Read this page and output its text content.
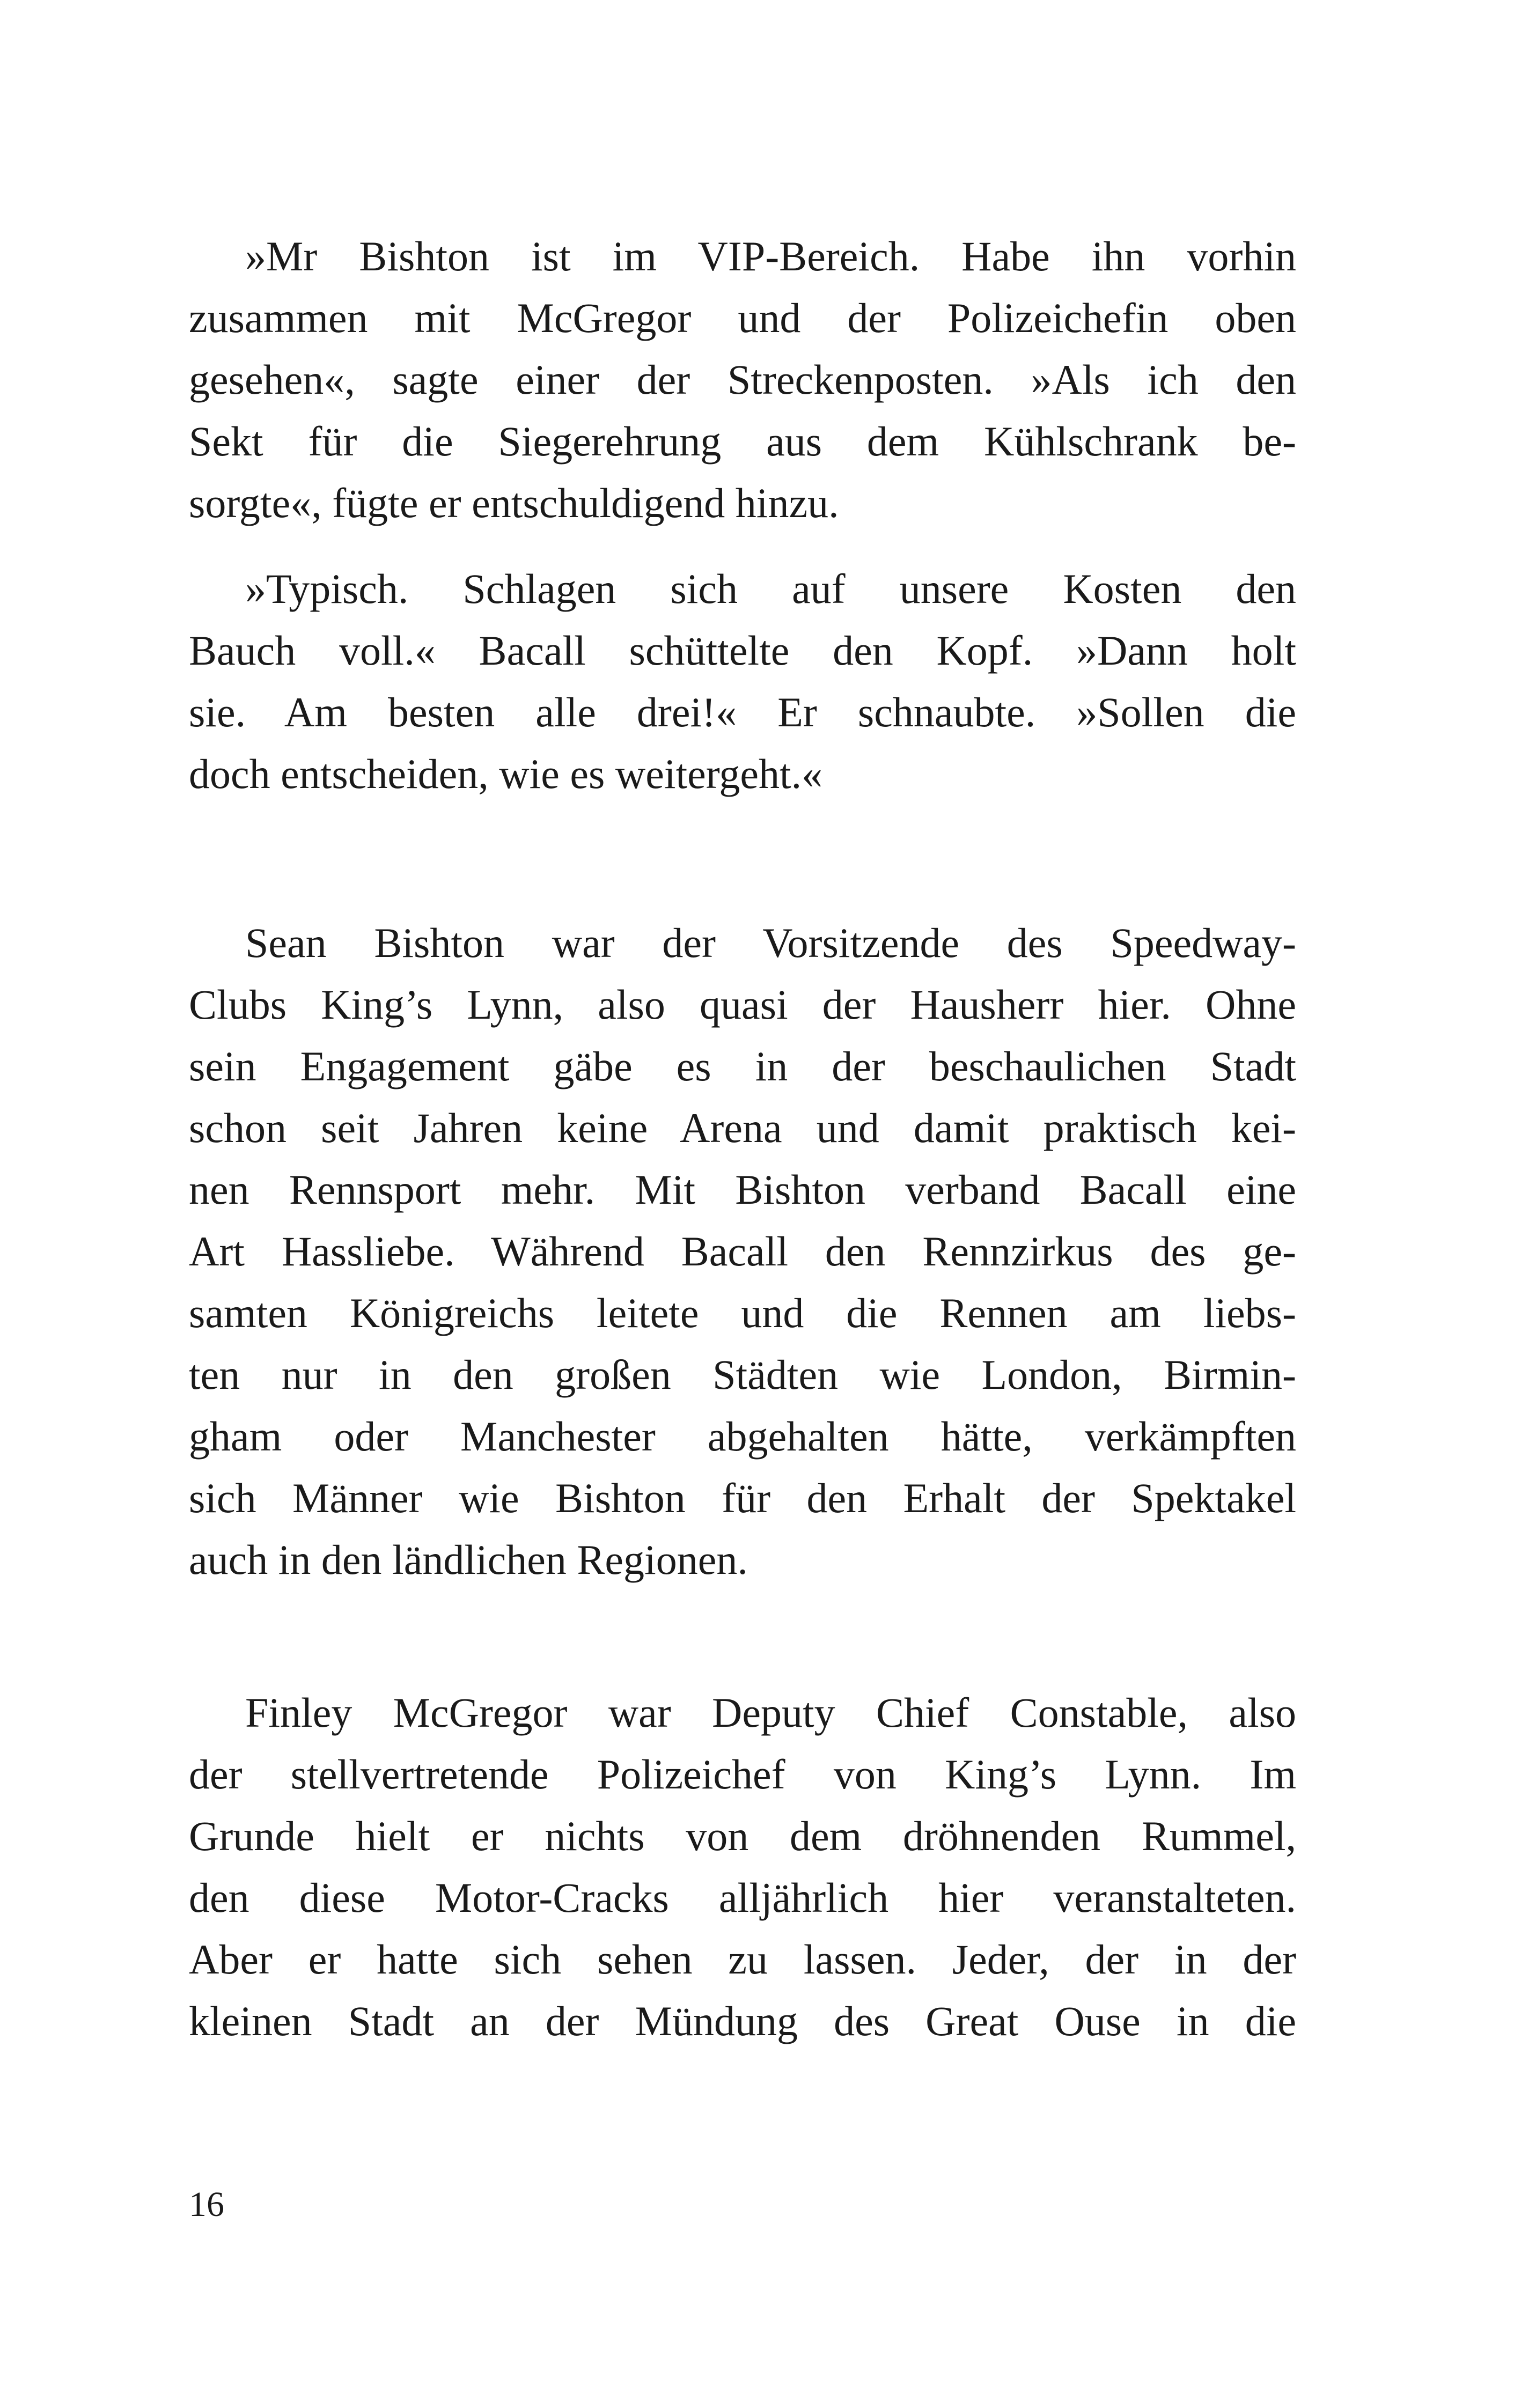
»Mr Bishton ist im VIP-Bereich. Habe ihn vorhin
zusammen mit McGregor und der Polizeichefin oben
gesehen«, sagte einer der Streckenposten. »Als ich den
Sekt für die Siegerehrung aus dem Kühlschrank be-
sorgte«, fügte er entschuldigend hinzu.
»Typisch. Schlagen sich auf unsere Kosten den
Bauch voll.« Bacall schüttelte den Kopf. »Dann holt
sie. Am besten alle drei!« Er schnaubte. »Sollen die
doch entscheiden, wie es weitergeht.«
Sean Bishton war der Vorsitzende des Speedway-
Clubs King’s Lynn, also quasi der Hausherr hier. Ohne
sein Engagement gäbe es in der beschaulichen Stadt
schon seit Jahren keine Arena und damit praktisch kei-
nen Rennsport mehr. Mit Bishton verband Bacall eine
Art Hassliebe. Während Bacall den Rennzirkus des ge-
samten Königreichs leitete und die Rennen am liebs-
ten nur in den großen Städten wie London, Birmin-
gham oder Manchester abgehalten hätte, verkämpften
sich Männer wie Bishton für den Erhalt der Spektakel
auch in den ländlichen Regionen.
Finley McGregor war Deputy Chief Constable, also
der stellvertretende Polizeichef von King’s Lynn. Im
Grunde hielt er nichts von dem dröhnenden Rummel,
den diese Motor-Cracks alljährlich hier veranstalteten.
Aber er hatte sich sehen zu lassen. Jeder, der in der
kleinen Stadt an der Mündung des Great Ouse in die
16
